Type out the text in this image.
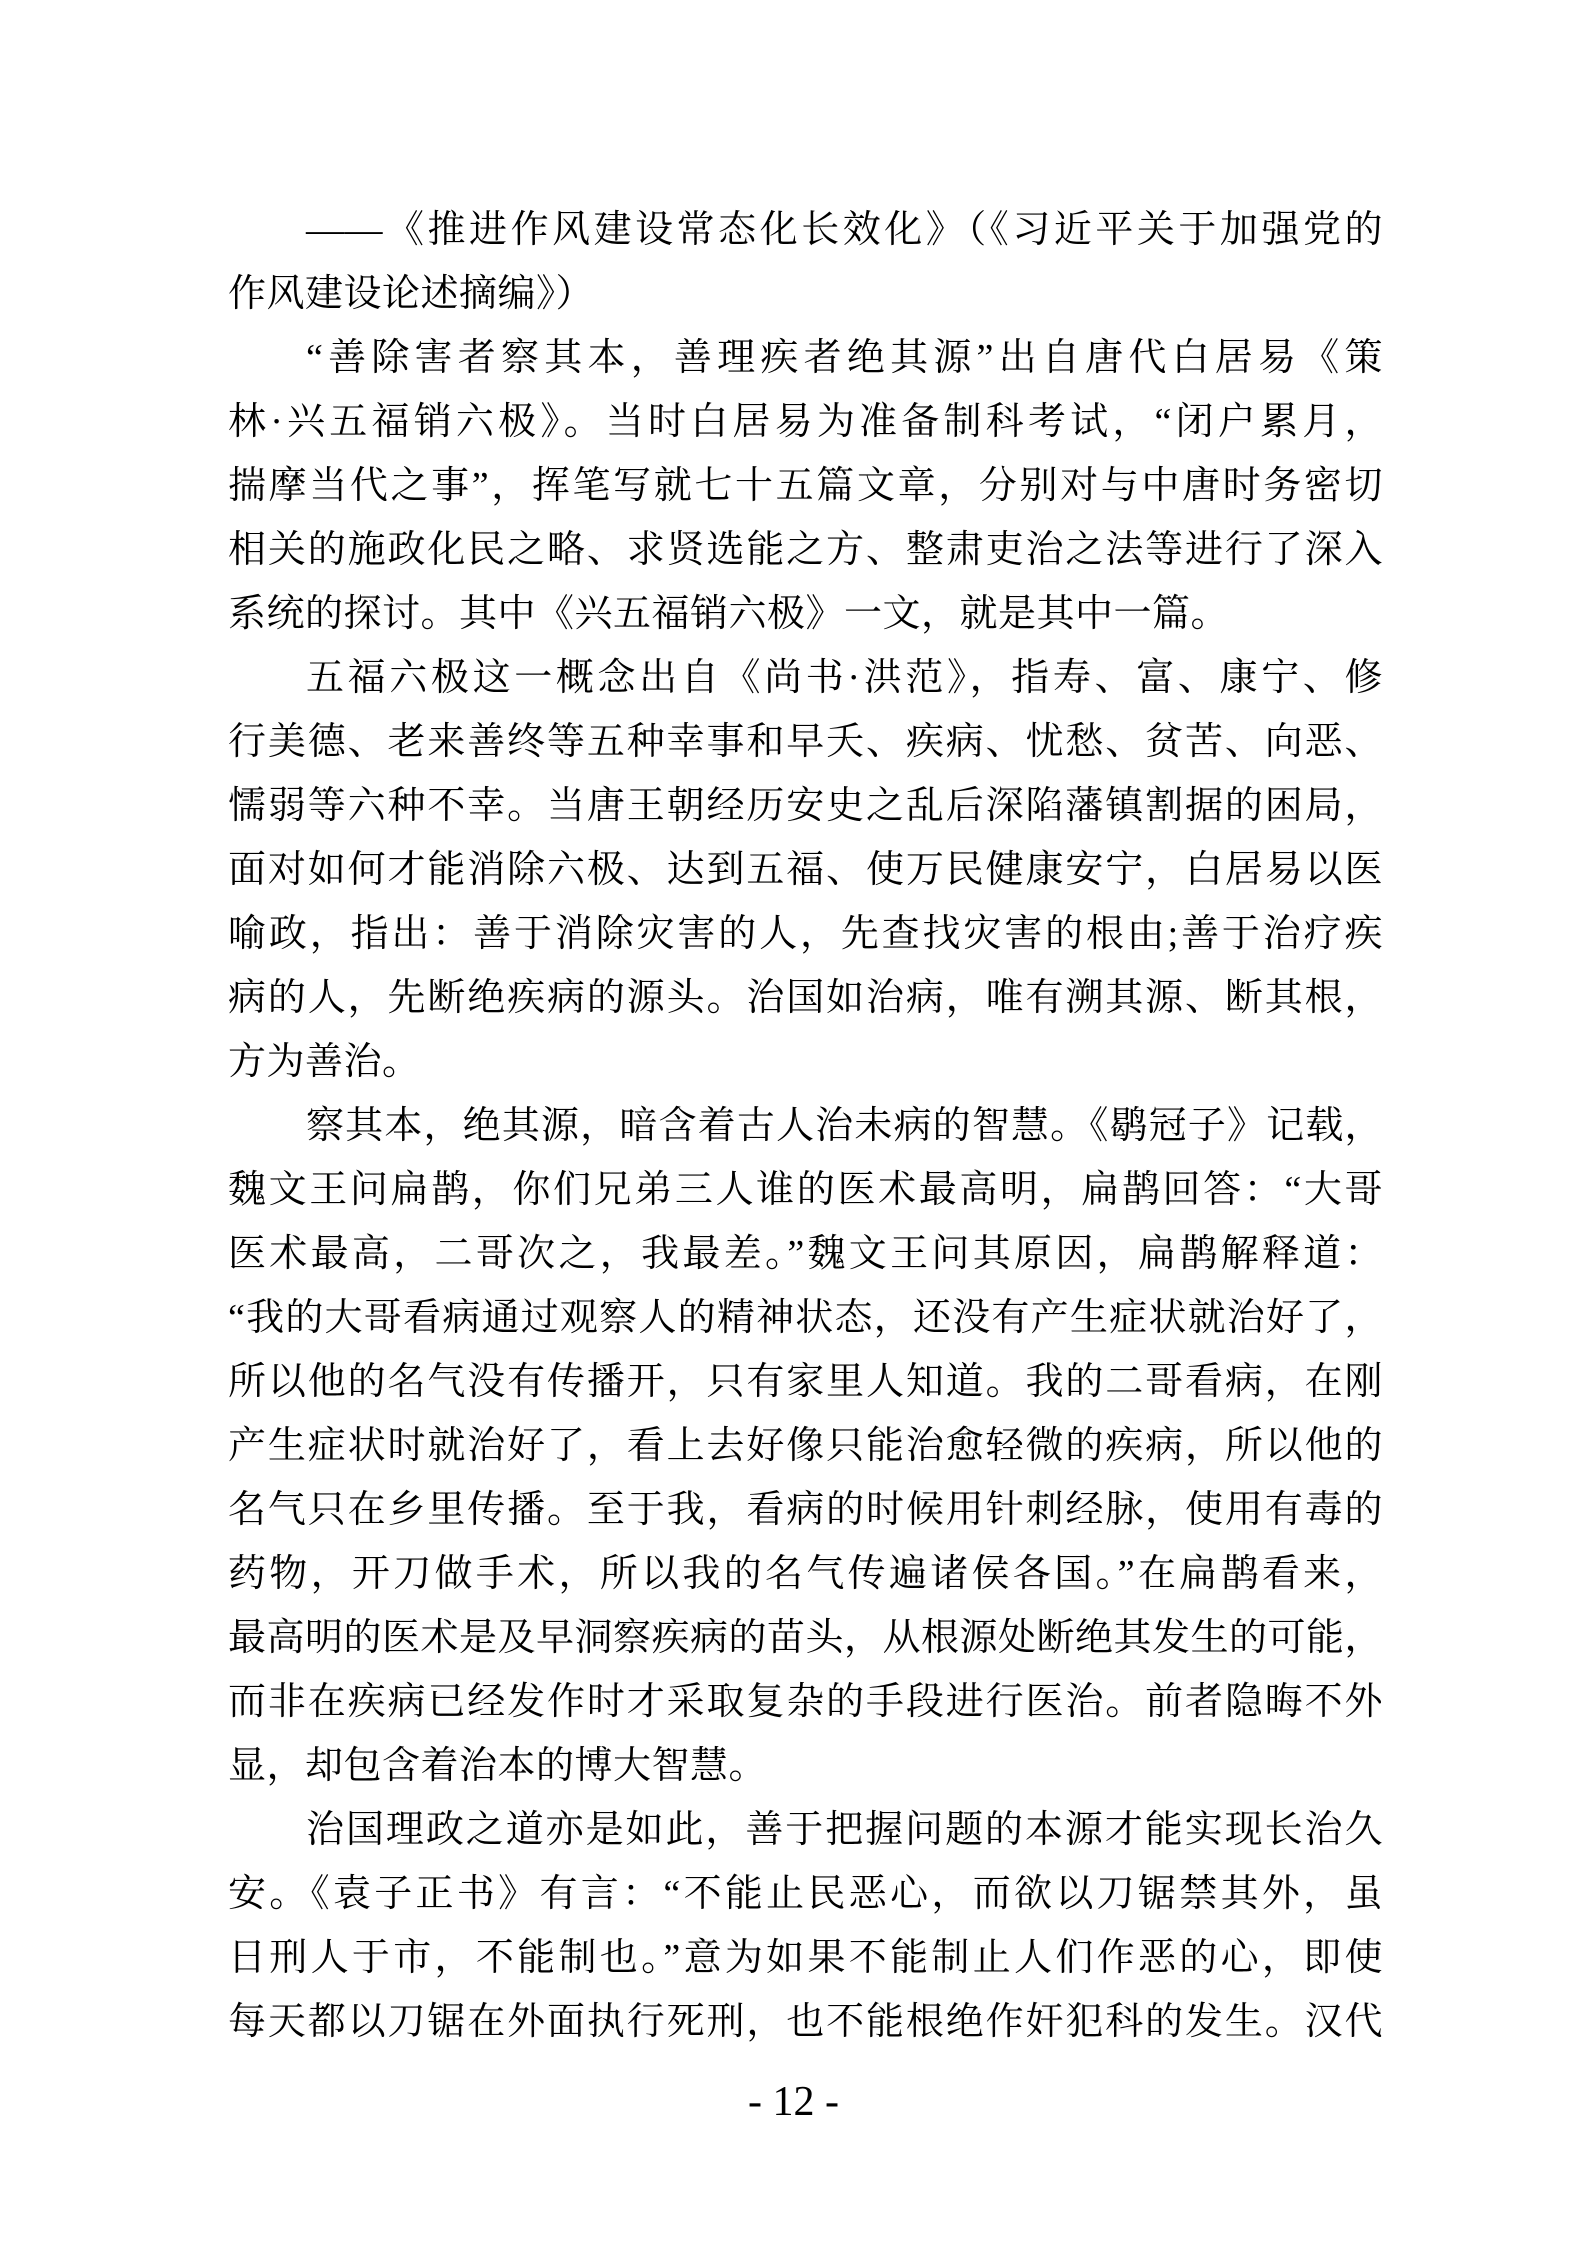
——《推进作风建设常态化长效化》（《习近平关于加强党的
作风建设论述摘编》）
“善除害者察其本，善理疾者绝其源”出自唐代白居易《策
林·兴五福销六极》。当时白居易为准备制科考试，“闭户累月，
揣摩当代之事”，挥笔写就七十五篇文章，分别对与中唐时务密切
相关的施政化民之略、求贤选能之方、整肃吏治之法等进行了深入
系统的探讨。其中《兴五福销六极》一文，就是其中一篇。
五福六极这一概念出自《尚书·洪范》，指寿、富、康宁、修
行美德、老来善终等五种幸事和早夭、疾病、忧愁、贫苦、向恶、
懦弱等六种不幸。当唐王朝经历安史之乱后深陷藩镇割据的困局，
面对如何才能消除六极、达到五福、使万民健康安宁，白居易以医
喻政，指出：善于消除灾害的人，先查找灾害的根由;善于治疗疾
病的人，先断绝疾病的源头。治国如治病，唯有溯其源、断其根，
方为善治。
察其本，绝其源，暗含着古人治未病的智慧。《鹖冠子》记载，
魏文王问扁鹊，你们兄弟三人谁的医术最高明，扁鹊回答：“大哥
医术最高，二哥次之，我最差。”魏文王问其原因，扁鹊解释道：
“我的大哥看病通过观察人的精神状态，还没有产生症状就治好了，
所以他的名气没有传播开，只有家里人知道。我的二哥看病，在刚
产生症状时就治好了，看上去好像只能治愈轻微的疾病，所以他的
名气只在乡里传播。至于我，看病的时候用针刺经脉，使用有毒的
药物，开刀做手术，所以我的名气传遍诸侯各国。”在扁鹊看来，
最高明的医术是及早洞察疾病的苗头，从根源处断绝其发生的可能，
而非在疾病已经发作时才采取复杂的手段进行医治。前者隐晦不外
显，却包含着治本的博大智慧。
治国理政之道亦是如此，善于把握问题的本源才能实现长治久
安。《袁子正书》有言：“不能止民恶心，而欲以刀锯禁其外，虽
日刑人于市，不能制也。”意为如果不能制止人们作恶的心，即使
每天都以刀锯在外面执行死刑，也不能根绝作奸犯科的发生。汉代
- 12 -
